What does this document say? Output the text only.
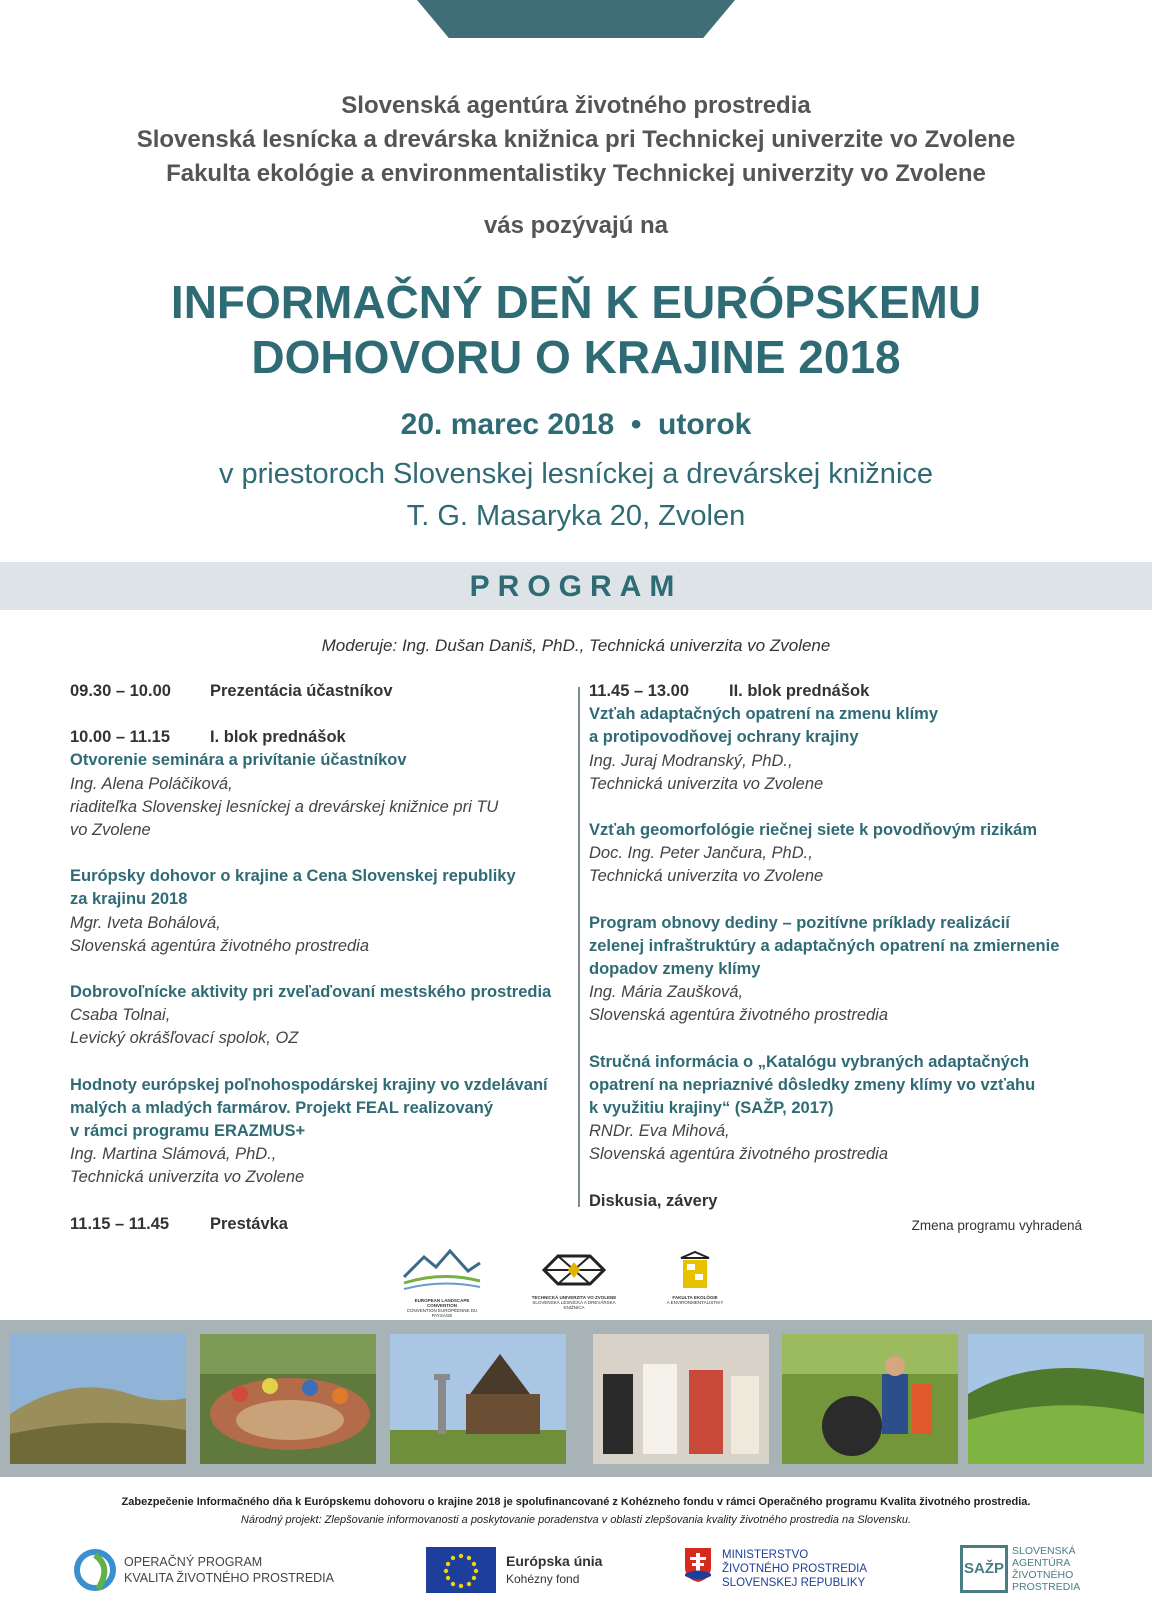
Slovenská agentúra životného prostredia
Slovenská lesnícka a drevárska knižnica pri Technickej univerzite vo Zvolene
Fakulta ekológie a environmentalistiky Technickej univerzity vo Zvolene
vás pozývajú na
INFORMAČNÝ DEŇ K EURÓPSKEMU
DOHOVORU O KRAJINE 2018
20. marec 2018  •  utorok
v priestoroch Slovenskej lesníckej a drevárskej knižnice
T. G. Masaryka 20, Zvolen
PROGRAM
Moderuje: Ing. Dušan Daniš, PhD., Technická univerzita vo Zvolene
09.30 – 10.00 Prezentácia účastníkov
10.00 – 11.15 I. blok prednášok
Otvorenie seminára a privítanie účastníkov
Ing. Alena Poláčiková,
riaditeľka Slovenskej lesníckej a drevárskej knižnice pri TU
vo Zvolene
Európsky dohovor o krajine a Cena Slovenskej republiky
za krajinu 2018
Mgr. Iveta Bohálová,
Slovenská agentúra životného prostredia
Dobrovoľnícke aktivity pri zveľaďovaní mestského prostredia
Csaba Tolnai,
Levický okrášľovací spolok, OZ
Hodnoty európskej poľnohospodárskej krajiny vo vzdelávaní
malých a mladých farmárov. Projekt FEAL realizovaný
v rámci programu ERAZMUS+
Ing. Martina Slámová, PhD.,
Technická univerzita vo Zvolene
11.15 – 11.45 Prestávka
11.45 – 13.00 II. blok prednášok
Vzťah adaptačných opatrení na zmenu klímy
a protipovodňovej ochrany krajiny
Ing. Juraj Modranský, PhD.,
Technická univerzita vo Zvolene
Vzťah geomorfológie riečnej siete k povodňovým rizikám
Doc. Ing. Peter Jančura, PhD.,
Technická univerzita vo Zvolene
Program obnovy dediny – pozitívne príklady realizácií
zelenej infraštruktúry a adaptačných opatrení na zmiernenie
dopadov zmeny klímy
Ing. Mária Zaušková,
Slovenská agentúra životného prostredia
Stručná informácia o „Katalógu vybraných adaptačných
opatrení na nepriaznivé dôsledky zmeny klímy vo vzťahu
k využitiu krajiny“ (SAŽP, 2017)
RNDr. Eva Mihová,
Slovenská agentúra životného prostredia
Diskusia, závery
Zmena programu vyhradená
EUROPEAN LANDSCAPE CONVENTION
CONVENTION EUROPÉENNE DU PAYSAGE
TECHNICKÁ UNIVERZITA VO ZVOLENE
SLOVENSKÁ LESNÍCKA A DREVÁRSKA KNIŽNICA
FAKULTA EKOLÓGIE
A ENVIRONMENTALISTIKY
Zabezpečenie Informačného dňa k Európskemu dohovoru o krajine 2018 je spolufinancované z Kohézneho fondu v rámci Operačného programu Kvalita životného prostredia.
Národný projekt: Zlepšovanie informovanosti a poskytovanie poradenstva v oblasti zlepšovania kvality životného prostredia na Slovensku.
OPERAČNÝ PROGRAM
KVALITA ŽIVOTNÉHO PROSTREDIA
Európska únia
Kohézny fond
MINISTERSTVO
ŽIVOTNÉHO PROSTREDIA
SLOVENSKEJ REPUBLIKY
SAŽP
SLOVENSKÁ
AGENTÚRA
ŽIVOTNÉHO
PROSTREDIA
